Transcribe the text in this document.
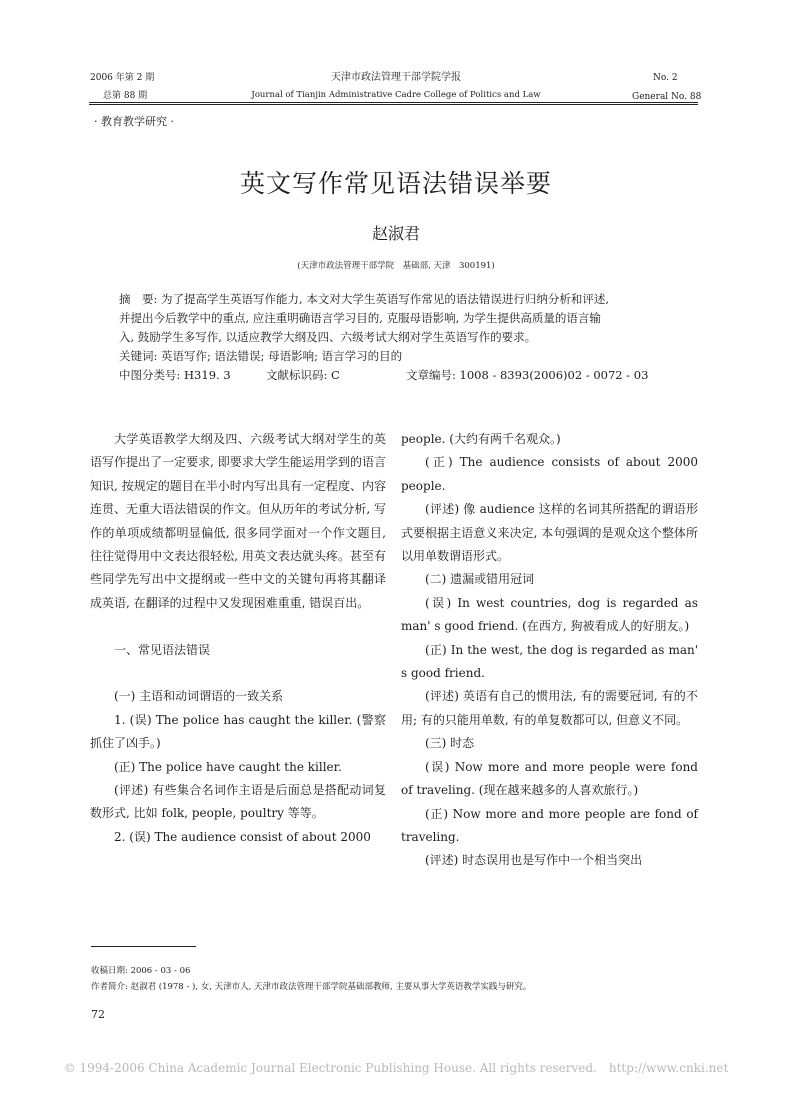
2006 年第 2 期
总第 88 期
天津市政法管理干部学院学报
Journal of Tianjin Administrative Cadre College of Politics and Law
No. 2
General No. 88
· 教育教学研究 ·
英文写作常见语法错误举要
赵淑君
(天津市政法管理干部学院　基础部, 天津　300191)

摘　要: 为了提高学生英语写作能力, 本文对大学生英语写作常见的语法错误进行归纳分析和评述,

并提出今后教学中的重点, 应注重明确语言学习目的, 克服母语影响, 为学生提供高质量的语言输

入, 鼓励学生多写作, 以适应教学大纲及四、六级考试大纲对学生英语写作的要求。

关键词: 英语写作; 语法错误; 母语影响; 语言学习的目的

中图分类号: H319. 3	文献标识码: C	文章编号: 1008 - 8393(2006)02 - 0072 - 03

大学英语教学大纲及四、六级考试大纲对学生的英语写作提出了一定要求, 即要求大学生能运用学到的语言知识, 按规定的题目在半小时内写出具有一定程度、内容连贯、无重大语法错误的作文。但从历年的考试分析, 写作的单项成绩都明显偏低, 很多同学面对一个作文题目, 往往觉得用中文表达很轻松, 用英文表达就头疼。甚至有些同学先写出中文提纲或一些中文的关键句再将其翻译成英语, 在翻译的过程中又发现困难重重, 错误百出。

一、常见语法错误

(一) 主语和动词谓语的一致关系

1. (误) The police has caught the killer. (警察抓住了凶手。)

(正) The police have caught the killer.

(评述) 有些集合名词作主语是后面总是搭配动词复数形式, 比如 folk, people, poultry 等等。

2. (误) The audience consist of about 2000

people. (大约有两千名观众。)

(正) The audience consists of about 2000 people.

(评述) 像 audience 这样的名词其所搭配的谓语形式要根据主语意义来决定, 本句强调的是观众这个整体所以用单数谓语形式。

(二) 遗漏或错用冠词

(误) In west countries, dog is regarded as man' s good friend. (在西方, 狗被看成人的好朋友。)

(正) In the west, the dog is regarded as man' s good friend.

(评述) 英语有自己的惯用法, 有的需要冠词, 有的不用; 有的只能用单数, 有的单复数都可以, 但意义不同。

(三) 时态

(误) Now more and more people were fond of traveling. (现在越来越多的人喜欢旅行。)

(正) Now more and more people are fond of traveling.

(评述) 时态误用也是写作中一个相当突出

收稿日期: 2006 - 03 - 06
作者简介: 赵淑君 (1978 - ), 女, 天津市人, 天津市政法管理干部学院基础部教师, 主要从事大学英语教学实践与研究。
72
© 1994-2006 China Academic Journal Electronic Publishing House. All rights reserved.　http://www.cnki.net
